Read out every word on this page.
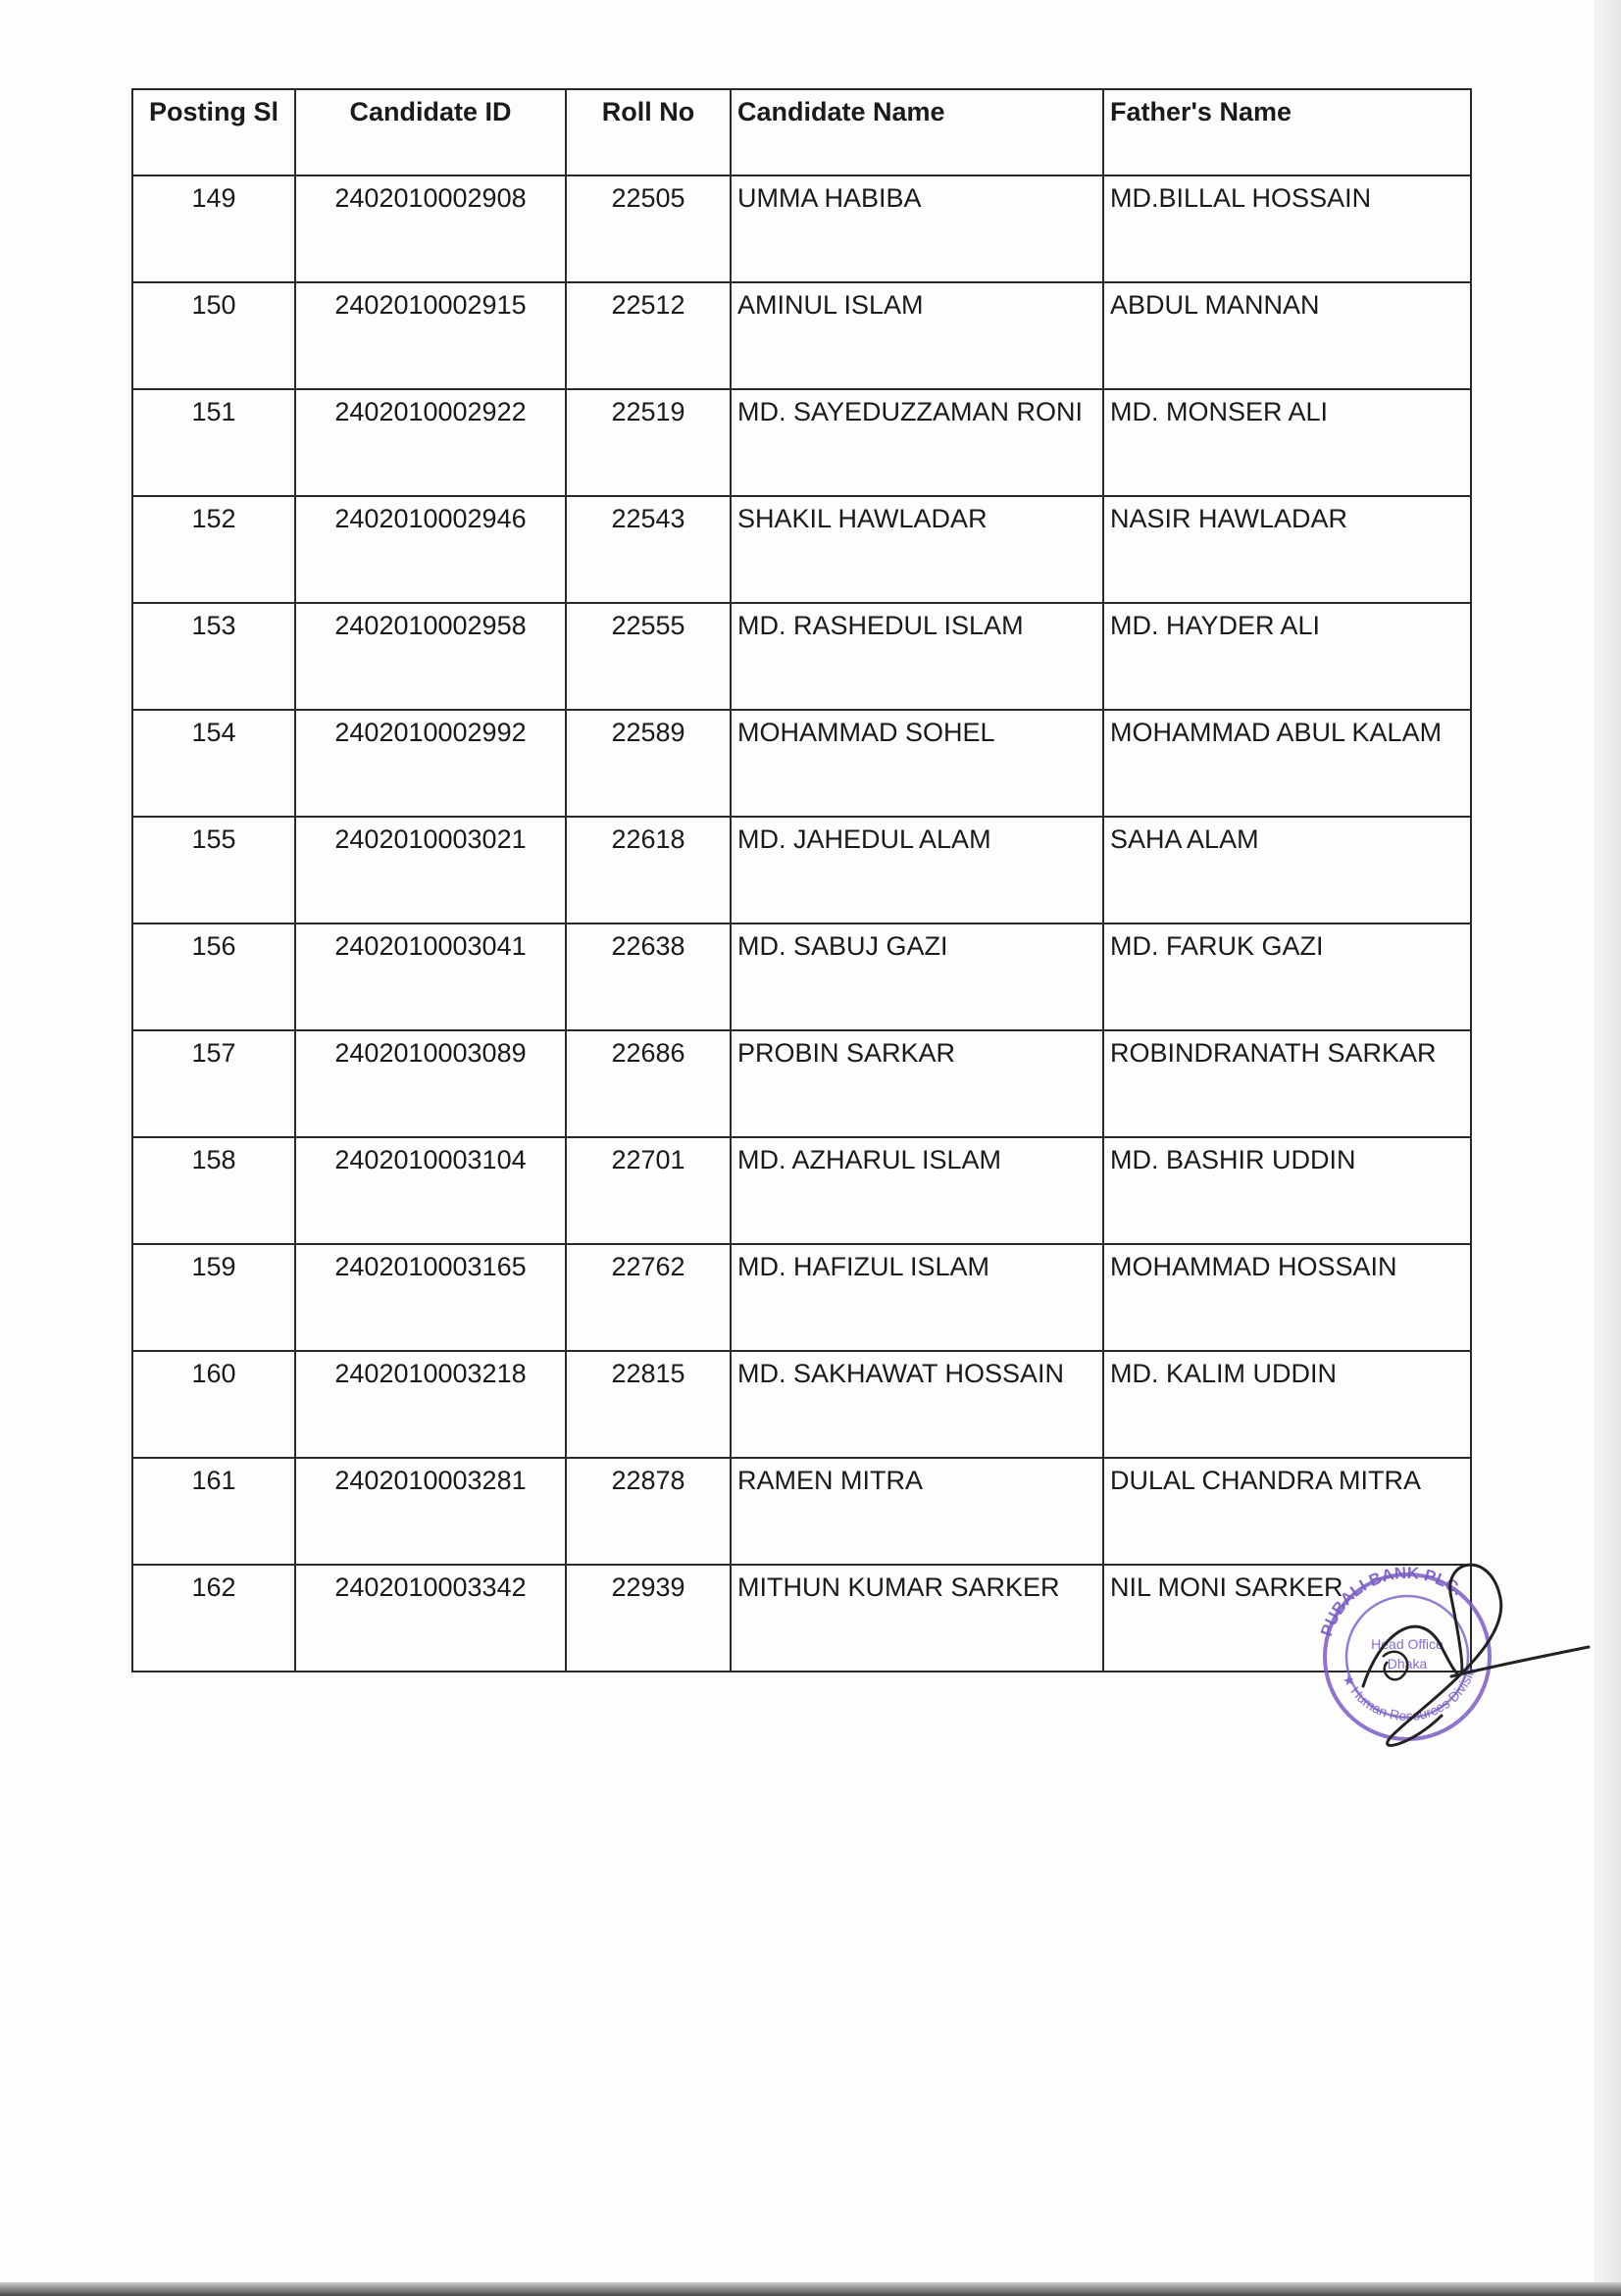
Posting Sl	Candidate ID	Roll No	Candidate Name	Father's Name
149	2402010002908	22505	UMMA HABIBA	MD.BILLAL HOSSAIN
150	2402010002915	22512	AMINUL ISLAM	ABDUL MANNAN
151	2402010002922	22519	MD. SAYEDUZZAMAN RONI	MD. MONSER ALI
152	2402010002946	22543	SHAKIL HAWLADAR	NASIR HAWLADAR
153	2402010002958	22555	MD. RASHEDUL ISLAM	MD. HAYDER ALI
154	2402010002992	22589	MOHAMMAD SOHEL	MOHAMMAD ABUL KALAM
155	2402010003021	22618	MD. JAHEDUL ALAM	SAHA ALAM
156	2402010003041	22638	MD. SABUJ GAZI	MD. FARUK GAZI
157	2402010003089	22686	PROBIN SARKAR	ROBINDRANATH SARKAR
158	2402010003104	22701	MD. AZHARUL ISLAM	MD. BASHIR UDDIN
159	2402010003165	22762	MD. HAFIZUL ISLAM	MOHAMMAD HOSSAIN
160	2402010003218	22815	MD. SAKHAWAT HOSSAIN	MD. KALIM UDDIN
161	2402010003281	22878	RAMEN MITRA	DULAL CHANDRA MITRA
162	2402010003342	22939	MITHUN KUMAR SARKER	NIL MONI SARKER
PUBALI BANK PLC.
★ Human Resources Divisio
Head Office
Dhaka
